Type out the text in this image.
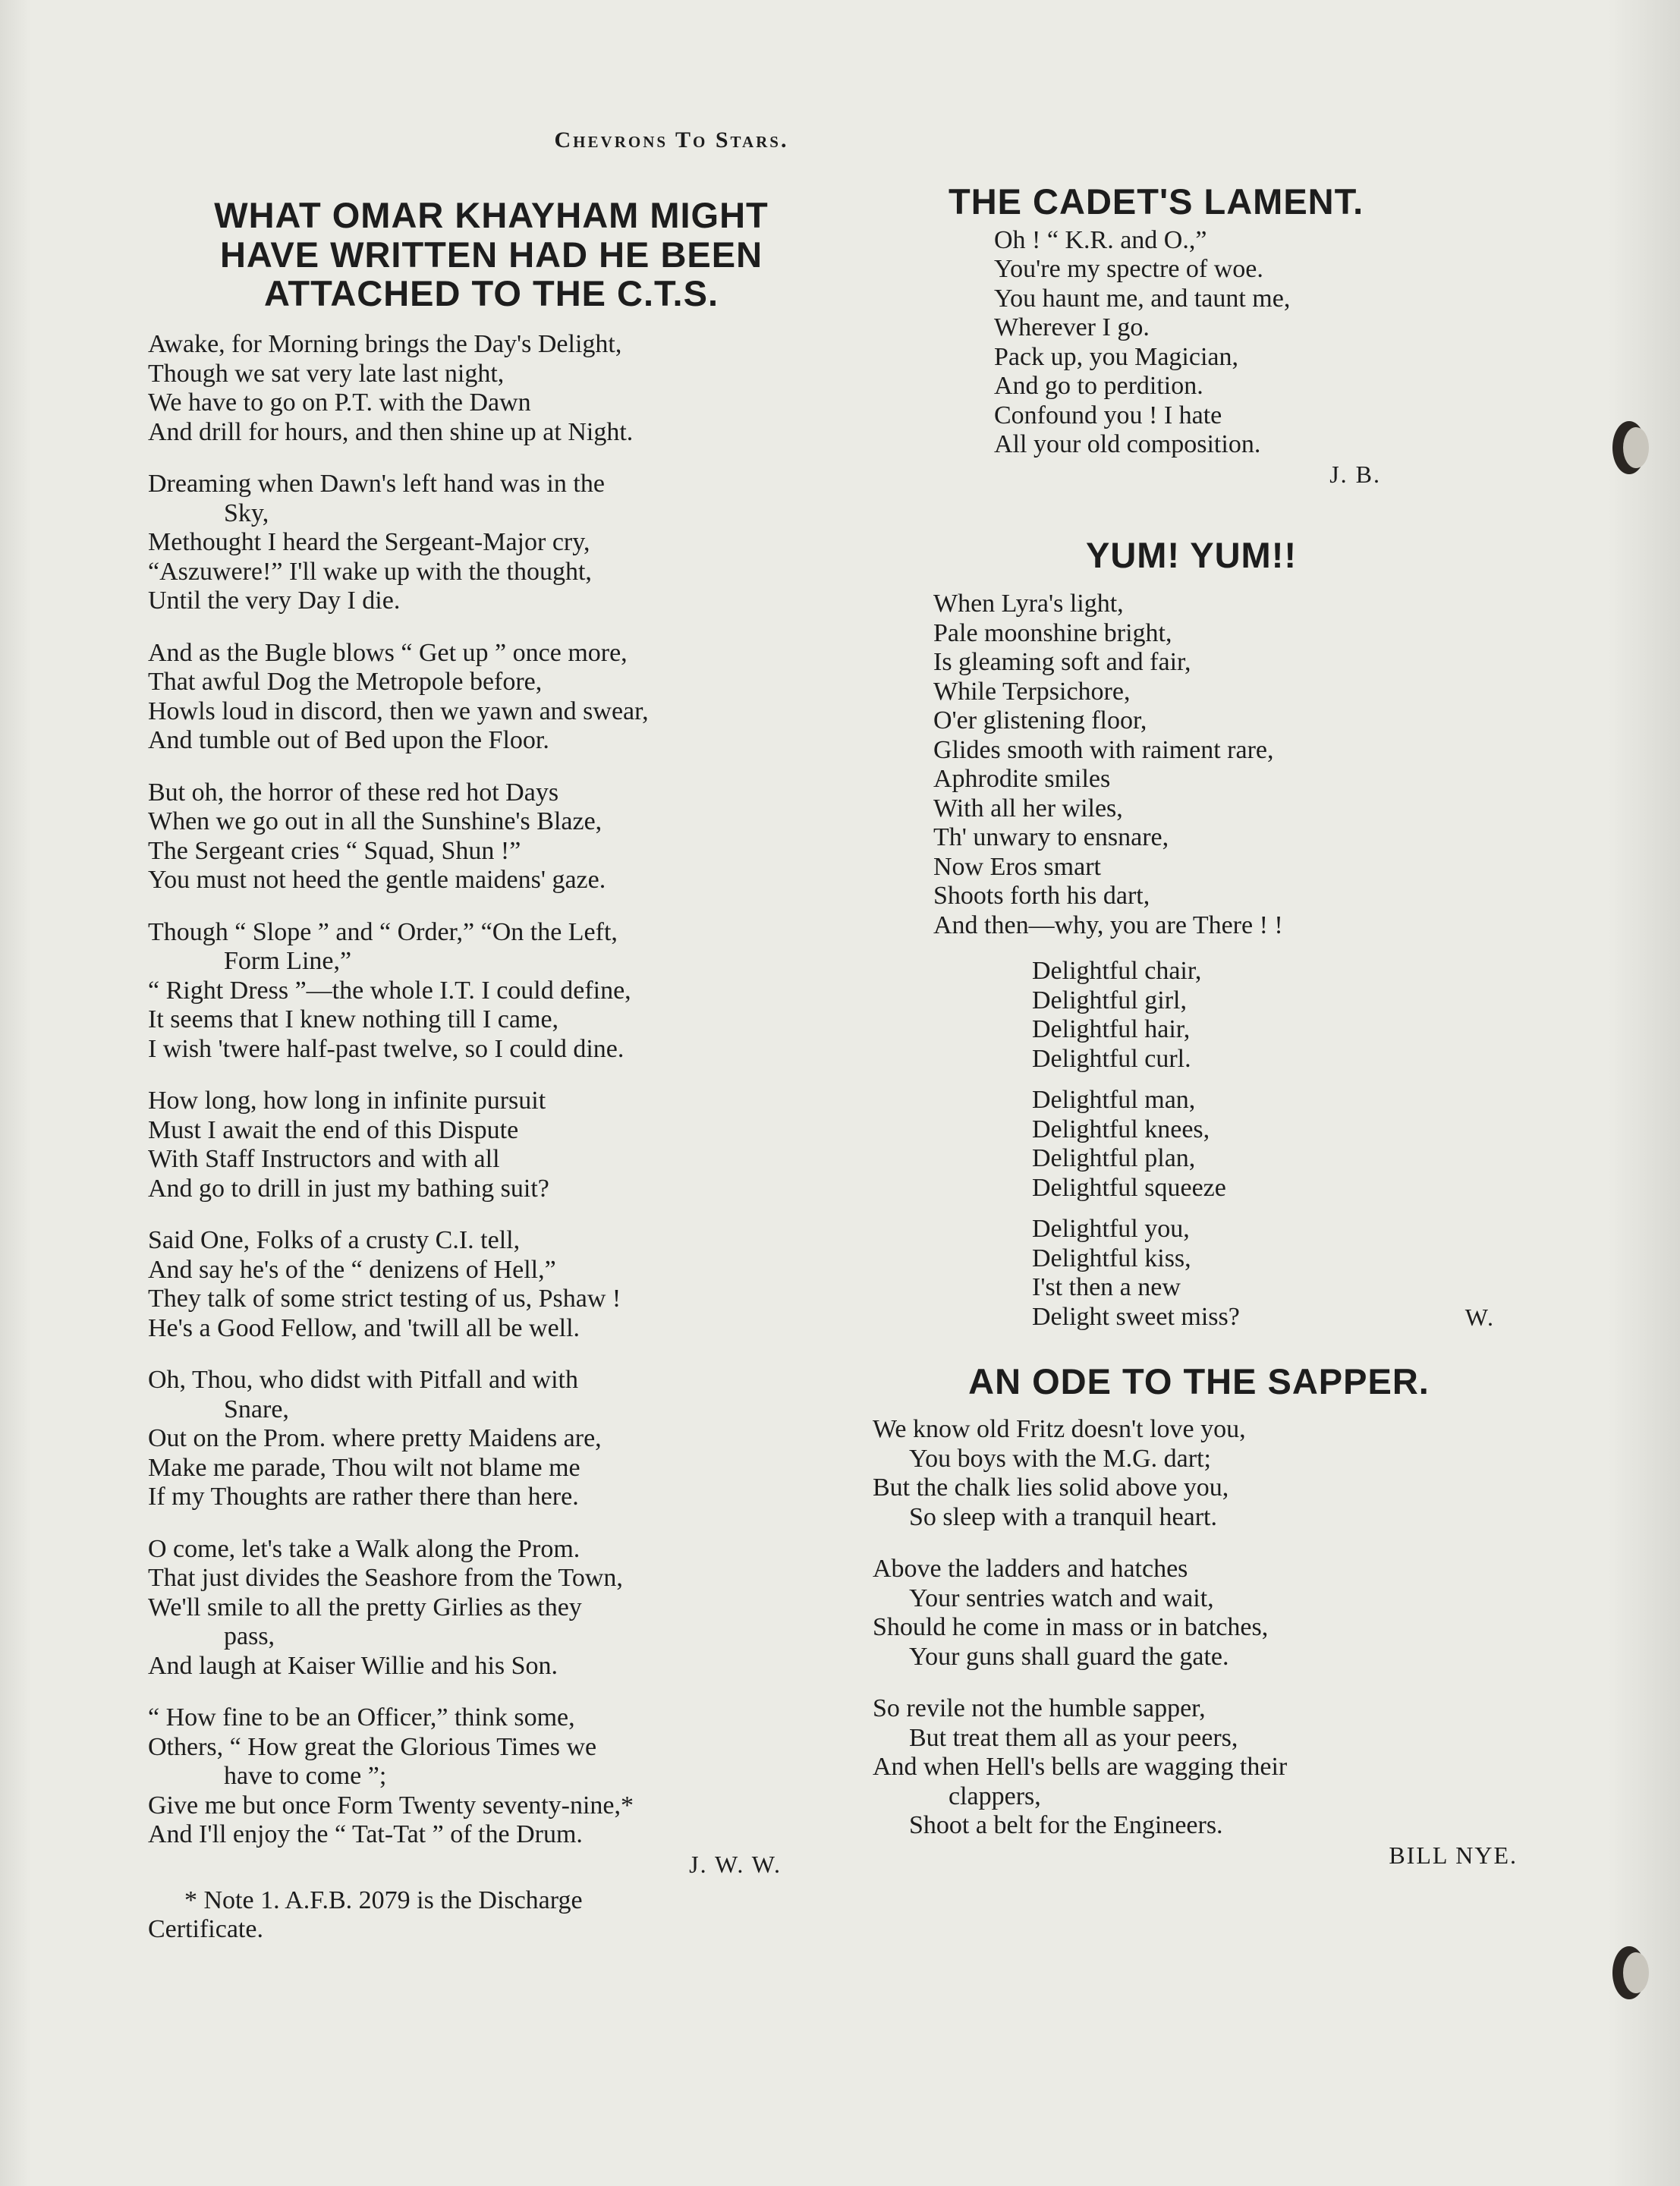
Chevrons To Stars.
WHAT OMAR KHAYHAM MIGHT
HAVE WRITTEN HAD HE BEEN
ATTACHED TO THE C.T.S.
Awake, for Morning brings the Day's Delight,
Though we sat very late last night,
We have to go on P.T. with the Dawn
And drill for hours, and then shine up at Night.
Dreaming when Dawn's left hand was in the
Sky,
Methought I heard the Sergeant-Major cry,
“Aszuwere!” I'll wake up with the thought,
Until the very Day I die.
And as the Bugle blows “ Get up ” once more,
That awful Dog the Metropole before,
Howls loud in discord, then we yawn and swear,
And tumble out of Bed upon the Floor.
But oh, the horror of these red hot Days
When we go out in all the Sunshine's Blaze,
The Sergeant cries “ Squad, Shun !”
You must not heed the gentle maidens' gaze.
Though “ Slope ” and “ Order,” “On the Left,
Form Line,”
“ Right Dress ”—the whole I.T. I could define,
It seems that I knew nothing till I came,
I wish 'twere half-past twelve, so I could dine.
How long, how long in infinite pursuit
Must I await the end of this Dispute
With Staff Instructors and with all
And go to drill in just my bathing suit?
Said One, Folks of a crusty C.I. tell,
And say he's of the “ denizens of Hell,”
They talk of some strict testing of us, Pshaw !
He's a Good Fellow, and 'twill all be well.
Oh, Thou, who didst with Pitfall and with
Snare,
Out on the Prom. where pretty Maidens are,
Make me parade, Thou wilt not blame me
If my Thoughts are rather there than here.
O come, let's take a Walk along the Prom.
That just divides the Seashore from the Town,
We'll smile to all the pretty Girlies as they
pass,
And laugh at Kaiser Willie and his Son.
“ How fine to be an Officer,” think some,
Others, “ How great the Glorious Times we
have to come ”;
Give me but once Form Twenty seventy-nine,*
And I'll enjoy the “ Tat-Tat ” of the Drum.
J. W. W.
* Note 1. A.F.B. 2079 is the Discharge
Certificate.
THE CADET'S LAMENT.
Oh ! “ K.R. and O.,”
You're my spectre of woe.
You haunt me, and taunt me,
Wherever I go.
Pack up, you Magician,
And go to perdition.
Confound you ! I hate
All your old composition.
J. B.
YUM! YUM!!
When Lyra's light,
Pale moonshine bright,
Is gleaming soft and fair,
While Terpsichore,
O'er glistening floor,
Glides smooth with raiment rare,
Aphrodite smiles
With all her wiles,
Th' unwary to ensnare,
Now Eros smart
Shoots forth his dart,
And then—why, you are There ! !
Delightful chair,
Delightful girl,
Delightful hair,
Delightful curl.
Delightful man,
Delightful knees,
Delightful plan,
Delightful squeeze
Delightful you,
Delightful kiss,
I'st then a new
Delight sweet miss?	W.
AN ODE TO THE SAPPER.
We know old Fritz doesn't love you,
You boys with the M.G. dart;
But the chalk lies solid above you,
So sleep with a tranquil heart.
Above the ladders and hatches
Your sentries watch and wait,
Should he come in mass or in batches,
Your guns shall guard the gate.
So revile not the humble sapper,
But treat them all as your peers,
And when Hell's bells are wagging their
clappers,
Shoot a belt for the Engineers.
BILL NYE.
